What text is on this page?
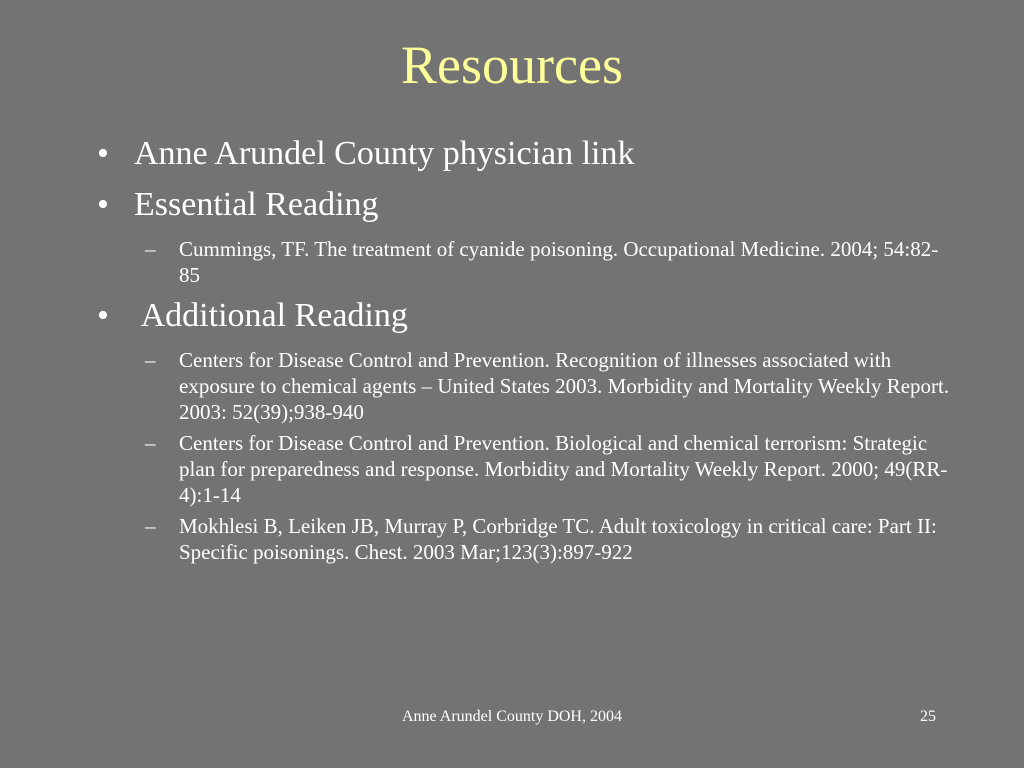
Resources
• Anne Arundel County physician link
• Essential Reading
– Cummings, TF. The treatment of cyanide poisoning. Occupational Medicine. 2004; 54:82-85
• Additional Reading
– Centers for Disease Control and Prevention. Recognition of illnesses associated with exposure to chemical agents – United States 2003. Morbidity and Mortality Weekly Report. 2003: 52(39);938-940
– Centers for Disease Control and Prevention. Biological and chemical terrorism: Strategic plan for preparedness and response. Morbidity and Mortality Weekly Report. 2000; 49(RR-4):1-14
– Mokhlesi B, Leiken JB, Murray P, Corbridge TC. Adult toxicology in critical care: Part II: Specific poisonings. Chest. 2003 Mar;123(3):897-922
Anne Arundel County DOH, 2004	25
